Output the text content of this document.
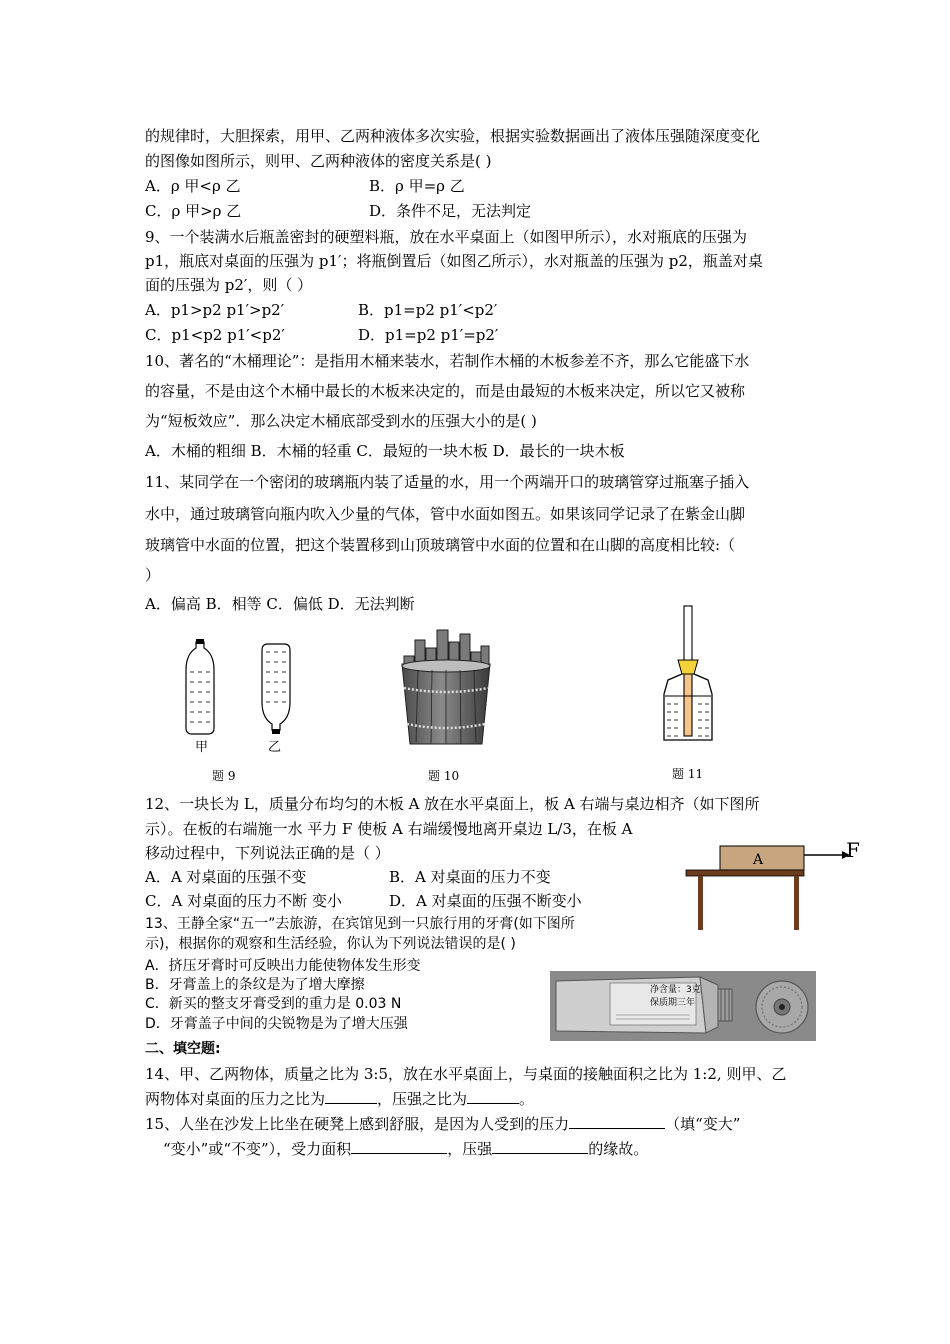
的规律时，大胆探索，用甲、乙两种液体多次实验，根据实验数据画出了液体压强随深度变化
的图像如图所示，则甲、乙两种液体的密度关系是( )
A．ρ 甲<ρ 乙	B．ρ 甲=ρ 乙
C．ρ 甲>ρ 乙	D．条件不足，无法判定
9、一个装满水后瓶盖密封的硬塑料瓶，放在水平桌面上（如图甲所示），水对瓶底的压强为
p1，瓶底对桌面的压强为 p1′；将瓶倒置后（如图乙所示），水对瓶盖的压强为 p2，瓶盖对桌
面的压强为 p2′，则（ ）
A．p1>p2 p1′>p2′	B．p1=p2 p1′<p2′
C．p1<p2 p1′<p2′	D．p1=p2 p1′=p2′
10、著名的“木桶理论”：是指用木桶来装水，若制作木桶的木板参差不齐，那么它能盛下水
的容量，不是由这个木桶中最长的木板来决定的，而是由最短的木板来决定，所以它又被称
为“短板效应”．那么决定木桶底部受到水的压强大小的是( )
A．木桶的粗细 B．木桶的轻重 C．最短的一块木板 D．最长的一块木板
11、某同学在一个密闭的玻璃瓶内装了适量的水，用一个两端开口的玻璃管穿过瓶塞子插入
水中，通过玻璃管向瓶内吹入少量的气体，管中水面如图五。如果该同学记录了在紫金山脚
玻璃管中水面的位置，把这个装置移到山顶玻璃管中水面的位置和在山脚的高度相比较:（
）
A．偏高 B．相等 C．偏低 D．无法判断
甲	乙
题 9	题 10	题 11
12、一块长为 L，质量分布均匀的木板 A 放在水平桌面上，板 A 右端与桌边相齐（如下图所
示）。在板的右端施一水 平力 F 使板 A 右端缓慢地离开桌边 L/3，在板 A
移动过程中，下列说法正确的是（ ）
A．A 对桌面的压强不变	B．A 对桌面的压力不变
C．A 对桌面的压力不断 变小	D．A 对桌面的压强不断变小
A	F
13、王静全家“五一”去旅游，在宾馆见到一只旅行用的牙膏(如下图所
示)，根据你的观察和生活经验，你认为下列说法错误的是( )
A．挤压牙膏时可反映出力能使物体发生形变
B．牙膏盖上的条纹是为了增大摩擦
C．新买的整支牙膏受到的重力是 0.03 N
D．牙膏盖子中间的尖锐物是为了增大压强
净含量：3克
保质期三年
二、填空题:
14、甲、乙两物体，质量之比为 3:5，放在水平桌面上，与桌面的接触面积之比为 1:2, 则甲、乙
两物体对桌面的压力之比为	，压强之比为	。
15、人坐在沙发上比坐在硬凳上感到舒服，是因为人受到的压力	（填“变大”
“变小”或“不变”），受力面积	，压强	的缘故。
